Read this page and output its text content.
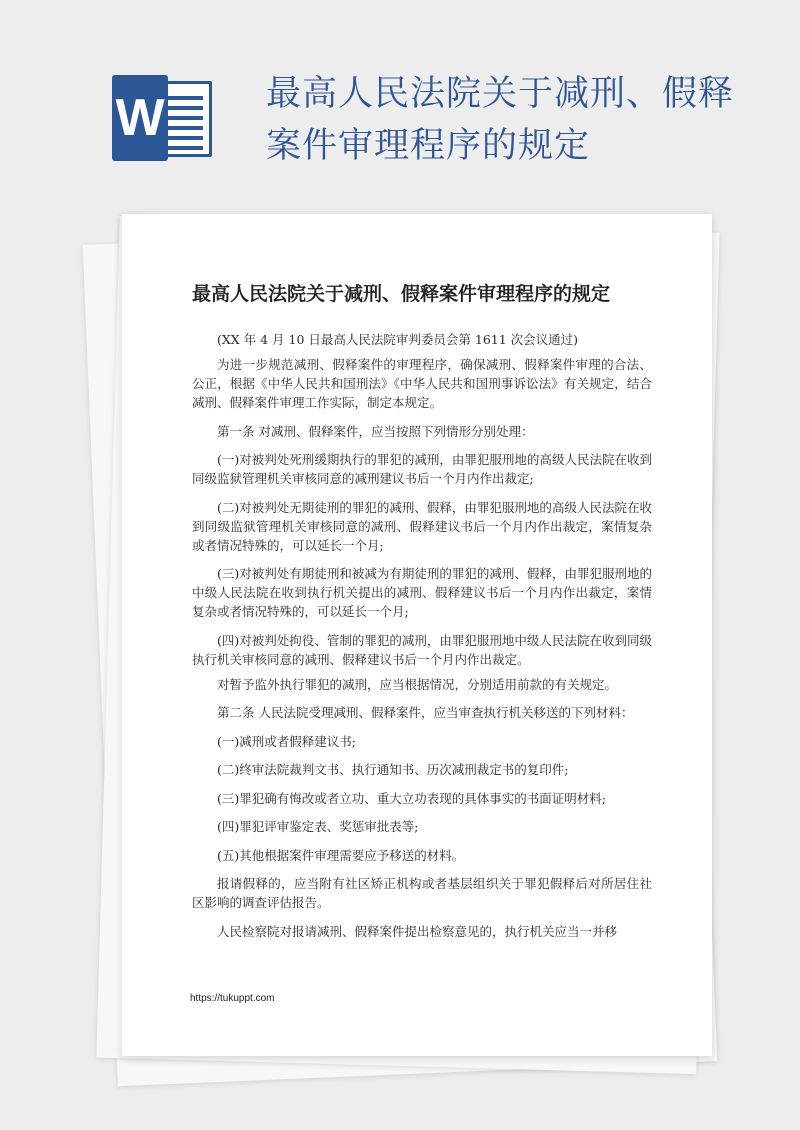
W	最高人民法院关于减刑、假释
案件审理程序的规定
最高人民法院关于减刑、假释案件审理程序的规定

(XX 年 4 月 10 日最高人民法院审判委员会第 1611 次会议通过)

为进一步规范减刑、假释案件的审理程序，确保减刑、假释案件审理的合法、公正，根据《中华人民共和国刑法》《中华人民共和国刑事诉讼法》有关规定，结合减刑、假释案件审理工作实际，制定本规定。

第一条 对减刑、假释案件，应当按照下列情形分别处理：

(一)对被判处死刑缓期执行的罪犯的减刑，由罪犯服刑地的高级人民法院在收到同级监狱管理机关审核同意的减刑建议书后一个月内作出裁定;

(二)对被判处无期徒刑的罪犯的减刑、假释，由罪犯服刑地的高级人民法院在收到同级监狱管理机关审核同意的减刑、假释建议书后一个月内作出裁定，案情复杂或者情况特殊的，可以延长一个月;

(三)对被判处有期徒刑和被减为有期徒刑的罪犯的减刑、假释，由罪犯服刑地的中级人民法院在收到执行机关提出的减刑、假释建议书后一个月内作出裁定，案情复杂或者情况特殊的，可以延长一个月;

(四)对被判处拘役、管制的罪犯的减刑，由罪犯服刑地中级人民法院在收到同级执行机关审核同意的减刑、假释建议书后一个月内作出裁定。

对暂予监外执行罪犯的减刑，应当根据情况，分别适用前款的有关规定。

第二条 人民法院受理减刑、假释案件，应当审查执行机关移送的下列材料：

(一)减刑或者假释建议书;

(二)终审法院裁判文书、执行通知书、历次减刑裁定书的复印件;

(三)罪犯确有悔改或者立功、重大立功表现的具体事实的书面证明材料;

(四)罪犯评审鉴定表、奖惩审批表等;

(五)其他根据案件审理需要应予移送的材料。

报请假释的，应当附有社区矫正机构或者基层组织关于罪犯假释后对所居住社区影响的调查评估报告。

人民检察院对报请减刑、假释案件提出检察意见的，执行机关应当一并移

https://tukuppt.com
